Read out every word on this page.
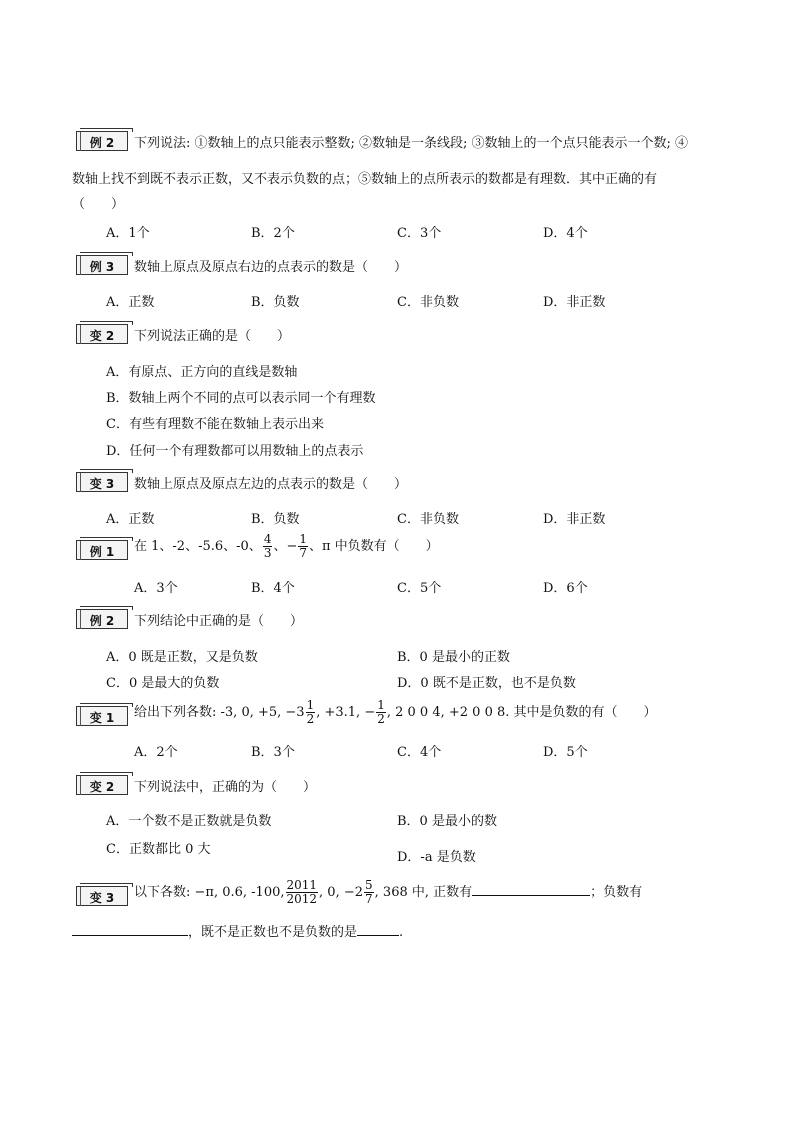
例 2	下列说法: ①数轴上的点只能表示整数; ②数轴是一条线段; ③数轴上的一个点只能表示一个数; ④
数轴上找不到既不表示正数，又不表示负数的点；⑤数轴上的点所表示的数都是有理数．其中正确的有
（　　）
A．1个	B．2个	C．3个	D．4个
例 3	数轴上原点及原点右边的点表示的数是（　　）
A．正数	B．负数	C．非负数	D．非正数
变 2	下列说法正确的是（　　）
A．有原点、正方向的直线是数轴
B．数轴上两个不同的点可以表示同一个有理数
C．有些有理数不能在数轴上表示出来
D．任何一个有理数都可以用数轴上的点表示
变 3	数轴上原点及原点左边的点表示的数是（　　）
A．正数	B．负数	C．非负数	D．非正数
例 1	在 1、-2、-5.6、-0、 $\frac{4}{3}$ 、− $\frac{1}{7}$ 、π 中负数有（　　）
A．3个	B．4个	C．5个	D．6个
例 2	下列结论中正确的是（　　）
A．0 既是正数，又是负数	B．0 是最小的正数
C．0 是最大的负数	D．0 既不是正数，也不是负数
变 1	给出下列各数: -3, 0, +5, $-3 \frac{1}{2}$ , +3.1, − $\frac{1}{2}$ , 2 0 0 4, +2 0 0 8. 其中是负数的有（　　）
A．2个	B．3个	C．4个	D．5个
变 2	下列说法中，正确的为（　　）
A．一个数不是正数就是负数	B．0 是最小的数
C．正数都比 0 大
D．-a 是负数
变 3	以下各数: −π, 0.6, -100, $\frac{2011}{2012}$ , 0, $-2 \frac{5}{7}$ , 368 中, 正数有	；负数有
，既不是正数也不是负数的是	.
